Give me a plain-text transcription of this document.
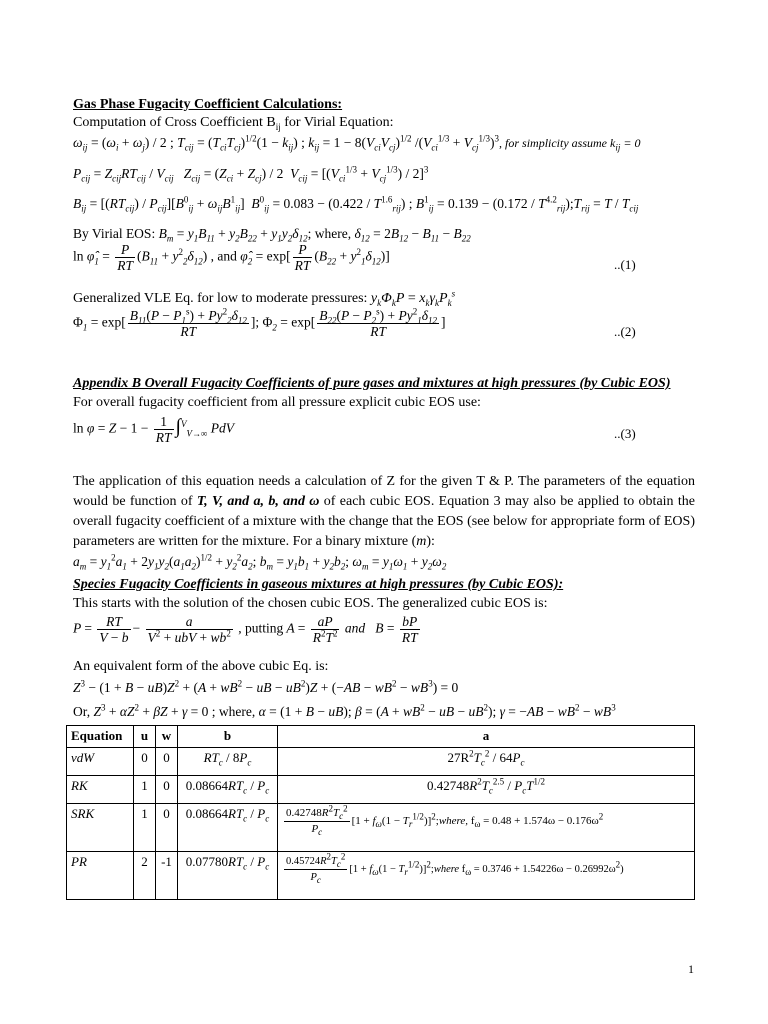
Gas Phase Fugacity Coefficient Calculations:
Computation of Cross Coefficient $B_{ij}$ for Virial Equation:
$\omega_{ij} = (\omega_i + \omega_j) / 2$ ; $T_{cij} = (T_{ci}T_{cj})^{1/2}(1 - k_{ij})$ ; $k_{ij} = 1 - 8(V_{ci}V_{cj})^{1/2}$ $/(V_{ci}^{1/3} + V_{cj}^{1/3})^3$, for simplicity assume $k_{ij} = 0$
$P_{cij} = Z_{cij}RT_{cij} / V_{cij}$   $Z_{cij} = (Z_{ci} + Z_{cj}) / 2$  $V_{cij} = [(V_{ci}^{1/3} + V_{cj}^{1/3}) / 2]^3$
$B_{ij} = [(RT_{cij}) / P_{cij}][B^0_{ij} + \omega_{ij}B^1_{ij}] B^0_{ij} = 0.083 - (0.422 / T^{1.6}_{rij})$ ; $B^1_{ij} = 0.139 - (0.172$ / $T^{4.2}_{rij});T_{rij} = T / T_{cij}$
By Virial EOS: $B_m = y_1B_{11} + y_2B_{22} + y_1y_2\delta_{12}$; where, $\delta_{12} = 2B_{12} - B_{11} - B_{22}$
$\ln \varphî_1 = \frac{P}{RT} (B_{11} + y^2_2\delta_{12})$ , and $\varphî_2 = \exp[ \frac{P}{RT} (B_{22} + y^2_1\delta_{12})]$
..(1)
Generalized VLE Eq. for low to moderate pressures: $y_k\Phi_kP = x_k\gamma_kP_k^s$
$\Phi_1 = \exp[ \frac{B_{11}(P - P_1^s) + Py^2_2\delta_{12}}{RT}$ ]; $\Phi_2 = \exp[ \frac{B_{22}(P - P_2^s) + Py^2_1\delta_{12}}{RT}$ ]
..(2)
Appendix B Overall Fugacity Coefficients of pure gases and mixtures at high pressures (by Cubic EOS)
For overall fugacity coefficient from all pressure explicit cubic EOS use:
$\ln \varphi = Z - 1 - \frac{1}{RT} \int^V_{V\to\infty}$ PdV	..(3)
The application of this equation needs a calculation of Z for the given T & P. The parameters of the equation would be function of T, V, and a, b, and ω of each cubic EOS. Equation 3 may also be applied to obtain the overall fugacity coefficient of a mixture with the change that the EOS (see below for appropriate form of EOS) parameters are written for the mixture. For a binary mixture (m):
$a_m = y_1^2a_1 + 2y_1y_2(a_1a_2)^{1/2} + y_2^2a_2$; $b_m = y_1b_1 + y_2b_2$; $\omega_m = y_1\omega_1 + y_2\omega_2$
Species Fugacity Coefficients in gaseous mixtures at high pressures (by Cubic EOS):
This starts with the solution of the chosen cubic EOS. The generalized cubic EOS is:
$P = \frac{RT}{V - b} - \frac{a}{V^2 + ubV + wb^2}$ , putting $A = \frac{aP}{R^2T^2}$ and   $B = \frac{bP}{RT}$
An equivalent form of the above cubic Eq. is:
$Z^3 - (1 + B - uB)Z^2 + (A + wB^2$ − uB − $uB^2)Z + (-AB - wB^2 - wB^3) = 0$
Or, $Z^3 + \alpha Z^2 + \beta Z + \gamma = 0$ ; where, α = (1 + B − uB); $\beta = (A + wB^2$ − uB − $uB^2$); $\gamma = -AB - wB^2 - wB^3$
Equation	u	w	b	a
vdW	0	0	$RT_c / 8P_c$	$27R^2T_c^2 / 64P_c$
RK	1	0	$0.08664RT_c / P_c$	$0.42748R^2T_c^{2.5} / P_cT^{1/2}$
SRK	1	0	$0.08664RT_c / P_c$	$\frac{0.42748R^2T_c^2}{P_c} [1 + f_\omega(1$ − $T_r^{1/2})]^2;where$, $f_\omega = 0.48 + 1.574\omega - 0.176\omega^2$
PR	2	-1	$0.07780RT_c / P_c$	$\frac{0.45724R^2T_c^2}{P_c} [1 + f_\omega(1$ − $T_r^{1/2})]^2;where$ $f_\omega = 0.3746 + 1.54226\omega - 0.26992\omega^2$)
1
